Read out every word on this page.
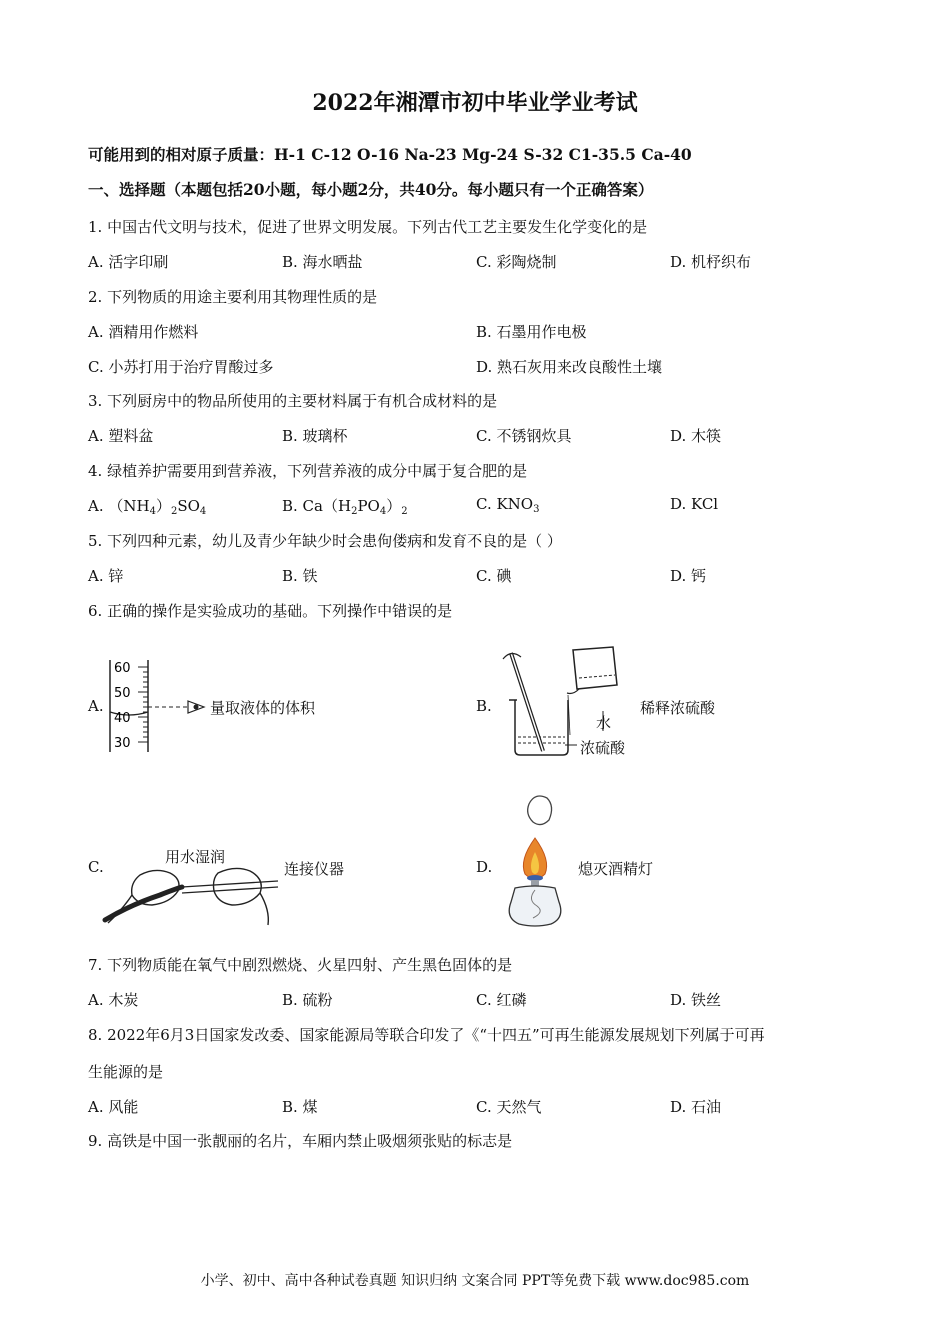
2022年湘潭市初中毕业学业考试
可能用到的相对原子质量：H-1 C-12 O-16 Na-23 Mg-24 S-32 C1-35.5 Ca-40
一、选择题（本题包括20小题，每小题2分，共40分。每小题只有一个正确答案）
1. 中国古代文明与技术，促进了世界文明发展。下列古代工艺主要发生化学变化的是
A. 活字印刷	B. 海水晒盐	C. 彩陶烧制	D. 机杼织布
2. 下列物质的用途主要利用其物理性质的是
A. 酒精用作燃料	B. 石墨用作电极
C. 小苏打用于治疗胃酸过多	D. 熟石灰用来改良酸性土壤
3. 下列厨房中的物品所使用的主要材料属于有机合成材料的是
A. 塑料盆	B. 玻璃杯	C. 不锈钢炊具	D. 木筷
4. 绿植养护需要用到营养液，下列营养液的成分中属于复合肥的是
A. $(NH_4)_2SO_4$	B. $Ca(H_2PO_4)_2$	C. $KNO_3$	D. KCl
5. 下列四种元素，幼儿及青少年缺少时会患佝偻病和发育不良的是（ ）
A. 锌	B. 铁	C. 碘	D. 钙
6. 正确的操作是实验成功的基础。下列操作中错误的是
A.
60
50
40
30
量取液体的体积	B.
水
浓硫酸
稀释浓硫酸
C.
用水湿润
连接仪器	D.	熄灭酒精灯
7. 下列物质能在氧气中剧烈燃烧、火星四射、产生黑色固体的是
A. 木炭	B. 硫粉	C. 红磷	D. 铁丝
8. 2022年6月3日国家发改委、国家能源局等联合印发了《“十四五”可再生能源发展规划下列属于可再
生能源的是
A. 风能	B. 煤	C. 天然气	D. 石油
9. 高铁是中国一张靓丽的名片，车厢内禁止吸烟须张贴的标志是
小学、初中、高中各种试卷真题 知识归纳 文案合同 PPT等免费下载 www.doc985.com
